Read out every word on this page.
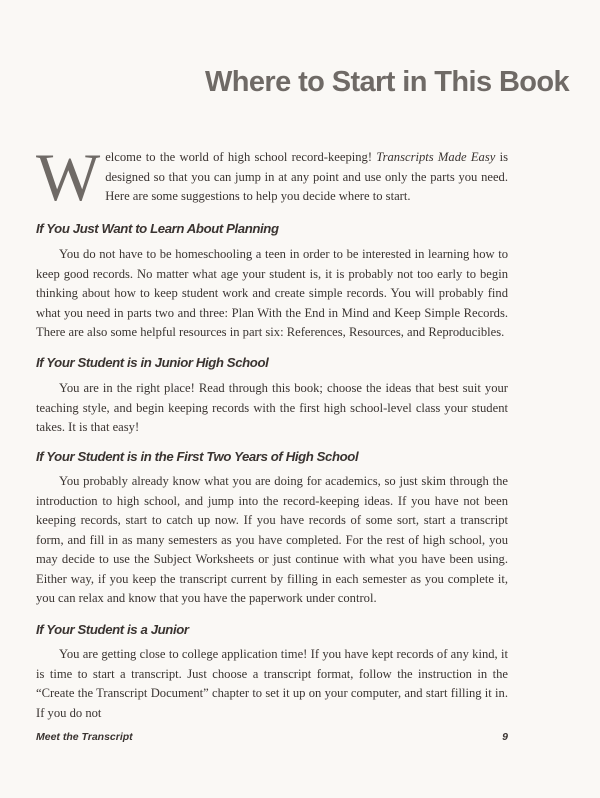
Where to Start in This Book

Welcome to the world of high school record-keeping! Transcripts Made Easy is designed so that you can jump in at any point and use only the parts you need. Here are some suggestions to help you decide where to start.

If You Just Want to Learn About Planning

You do not have to be homeschooling a teen in order to be interested in learning how to keep good records. No matter what age your student is, it is probably not too early to begin thinking about how to keep student work and create simple records. You will probably find what you need in parts two and three: Plan With the End in Mind and Keep Simple Records. There are also some helpful resources in part six: References, Resources, and Reproducibles.

If Your Student is in Junior High School

You are in the right place! Read through this book; choose the ideas that best suit your teaching style, and begin keeping records with the first high school-level class your student takes. It is that easy!

If Your Student is in the First Two Years of High School

You probably already know what you are doing for academics, so just skim through the introduction to high school, and jump into the record-keeping ideas. If you have not been keeping records, start to catch up now. If you have records of some sort, start a transcript form, and fill in as many semesters as you have completed. For the rest of high school, you may decide to use the Subject Worksheets or just continue with what you have been using. Either way, if you keep the transcript current by filling in each semester as you complete it, you can relax and know that you have the paperwork under control.

If Your Student is a Junior

You are getting close to college application time! If you have kept records of any kind, it is time to start a transcript. Just choose a transcript format, follow the instruction in the “Create the Transcript Document” chapter to set it up on your computer, and start filling it in. If you do not

Meet the Transcript	9
